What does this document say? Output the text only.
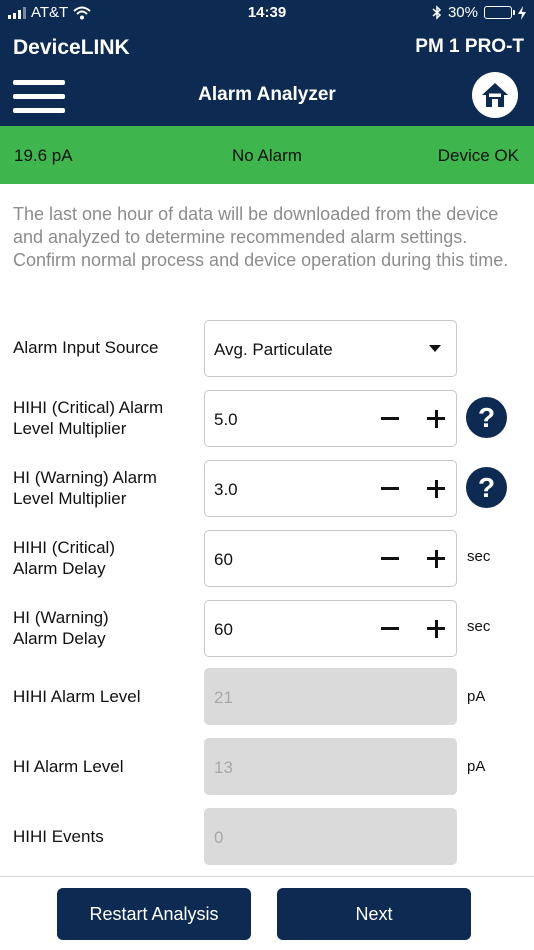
AT&T	14:39	30%
DeviceLINK	PM 1 PRO-T
Alarm Analyzer
19.6 pA	No Alarm	Device OK

The last one hour of data will be downloaded from the device and analyzed to determine recommended alarm settings. Confirm normal process and device operation during this time.

Alarm Input Source	Avg. Particulate
HIHI (Critical) Alarm
Level Multiplier	5.0	?
HI (Warning) Alarm
Level Multiplier	3.0	?
HIHI (Critical)
Alarm Delay	60	sec
HI (Warning)
Alarm Delay	60	sec
HIHI Alarm Level	21	pA
HI Alarm Level	13	pA
HIHI Events	0
Restart Analysis	Next
